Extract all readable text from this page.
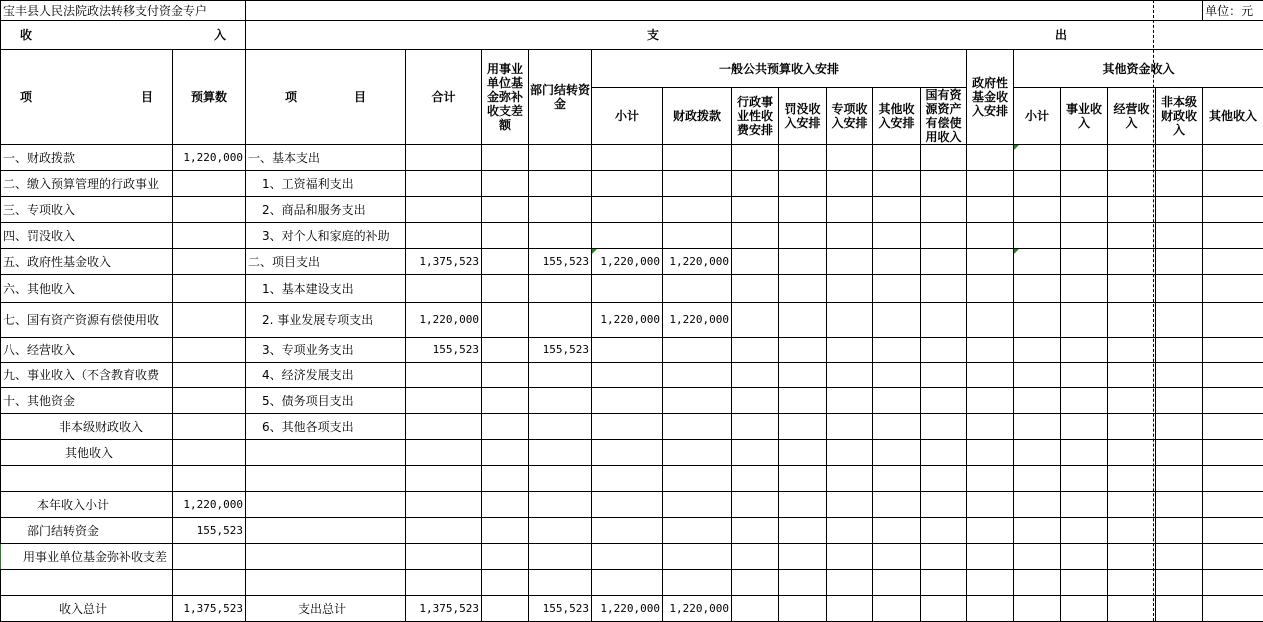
宝丰县人民法院政法转移支付资金专户																		单位：元

收 入		支 出																

项 目	预算数	项 目	合计	用事业单位基金弥补收支差额	部门结转资金	一般公共预算收入安排							政府性基金收入安排	其他资金收入				
						小计	财政拨款	行政事业性收费安排	罚没收入安排	专项收入安排	其他收入安排	国有资源资产有偿使用收入		小计	事业收入	经营收入	非本级财政收入	其他收入
一、财政拨款	1,220,000	一、基本支出																
二、缴入预算管理的行政事业		1、工资福利支出																
三、专项收入		2、商品和服务支出																
四、罚没收入		3、对个人和家庭的补助																
五、政府性基金收入		二、项目支出	1,375,523		155,523	1,220,000	1,220,000											
六、其他收入		1、基本建设支出																
七、国有资产资源有偿使用收		2. 事业发展专项支出	1,220,000			1,220,000	1,220,000											
八、经营收入		3、专项业务支出	155,523		155,523													
九、事业收入（不含教育收费		4、经济发展支出																
十、其他资金		5、债务项目支出																
非本级财政收入		6、其他各项支出																
其他收入																		

本年收入小计	1,220,000																	
部门结转资金	155,523																	
用事业单位基金弥补收支差																		

收入总计	1,375,523	支出总计	1,375,523		155,523	1,220,000	1,220,000											
